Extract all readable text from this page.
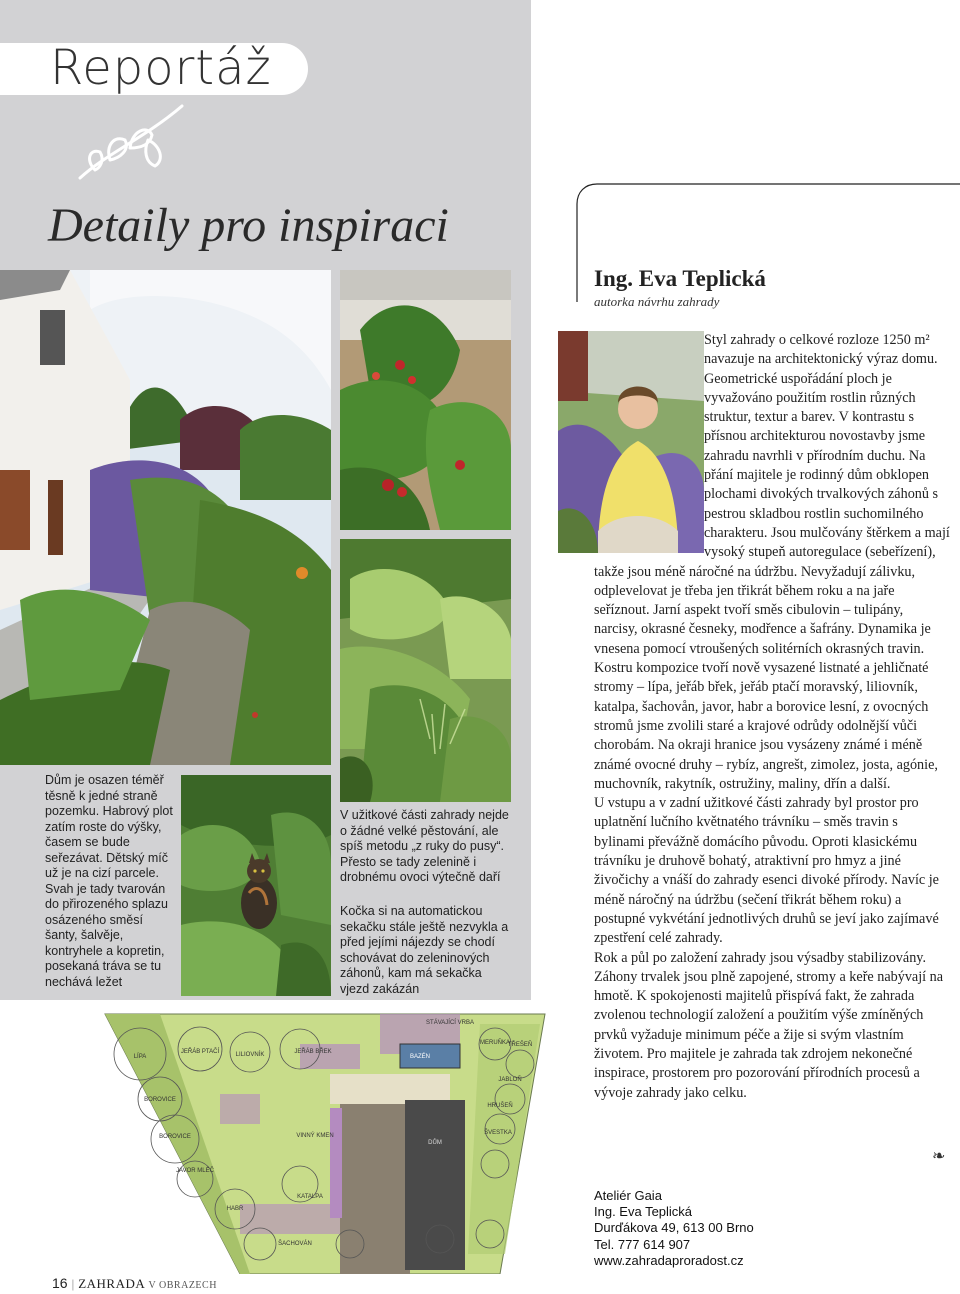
Reportáž
Detaily pro inspiraci
Dům je osazen téměř těsně k jedné straně pozemku. Habrový plot zatím roste do výšky, časem se bude seřezávat. Dětský míč už je na cizí parcele. Svah je tady tvarován do přirozeného splazu osázeného směsí šanty, šalvěje, kontryhele a kopretin, posekaná tráva se tu nechává ležet
V užitkové části zahrady nejde o žádné velké pěstování, ale spíš metodu „z ruky do pusy“. Přesto se tady zelenině i drobnému ovoci výtečně daří
Kočka si na automatickou sekačku stále ještě nezvykla a před jejími nájezdy se chodí schovávat do zeleninových záhonů, kam má sekačka vjezd zakázán
LÍPA
JEŘÁB PTAČÍ	LILIOVNÍK	JEŘÁB BŘEK
BOROVICE
BOROVICE
BAZÉN
DŮM
STÁVAJÍCÍ VRBA
MERUŇKA
TŘEŠEŇ
JABLOŇ
HRUŠEŇ
ŠVESTKA
VINNÝ KMEN
JAVOR MLÉČ
KATALPA
ŠACHOVÁN
HABR
16 | ZAHRADA V OBRAZECH
Ing. Eva Teplická
autorka návrhu zahrady

Styl zahrady o celkové rozloze 1250 m² navazuje na architektonický výraz domu. Geometrické uspořádání ploch je vyvažováno použitím rostlin různých struktur, textur a barev. V kontrastu s přísnou architekturou novostavby jsme zahradu navrhli v přírodním duchu. Na přání majitele je rodinný dům obklopen plochami divokých trvalkových záhonů s pestrou skladbou rostlin suchomilného charakteru. Jsou mulčovány štěrkem a mají vysoký stupeň autoregulace (sebeřízení), takže jsou méně náročné na údržbu. Nevyžadují zálivku, odplevelovat je třeba jen třikrát během roku a na jaře seříznout. Jarní aspekt tvoří směs cibulovin – tulipány, narcisy, okrasné česneky, modřence a šafrány. Dynamika je vnesena pomocí vtroušených solitérních okrasných travin.

Kostru kompozice tvoří nově vysazené listnaté a jehličnaté stromy – lípa, jeřáb břek, jeřáb ptačí moravský, liliovník, katalpa, šachovån, javor, habr a borovice lesní, z ovocných stromů jsme zvolili staré a krajové odrůdy odolnější vůči chorobám. Na okraji hranice jsou vysázeny známé i méně známé ovocné druhy – rybíz, angrešt, zimolez, josta, agónie, muchovník, rakytník, ostružiny, maliny, dřín a další.

U vstupu a v zadní užitkové části zahrady byl prostor pro uplatnění lučního květnatého trávníku – směs travin s bylinami převážně domácího původu. Oproti klasickému trávníku je druhově bohatý, atraktivní pro hmyz a jiné živočichy a vnáší do zahrady esenci divoké přírody. Navíc je méně náročný na údržbu (sečení třikrát během roku) a postupné vykvétání jednotlivých druhů se jeví jako zajímavé zpestření celé zahrady.

Rok a půl po založení zahrady jsou výsadby stabilizovány. Záhony trvalek jsou plně zapojené, stromy a keře nabývají na hmotě. K spokojenosti majitelů přispívá fakt, že zahrada zvolenou technologií založení a použitím výše zmíněných prvků vyžaduje minimum péče a žije si svým vlastním životem. Pro majitele je zahrada tak zdrojem nekonečné inspirace, prostorem pro pozorování přírodních procesů a vývoje zahrady jako celku.

❧
Ateliér Gaia
Ing. Eva Teplická
Durďákova 49, 613 00 Brno
Tel. 777 614 907
www.zahradaproradost.cz
